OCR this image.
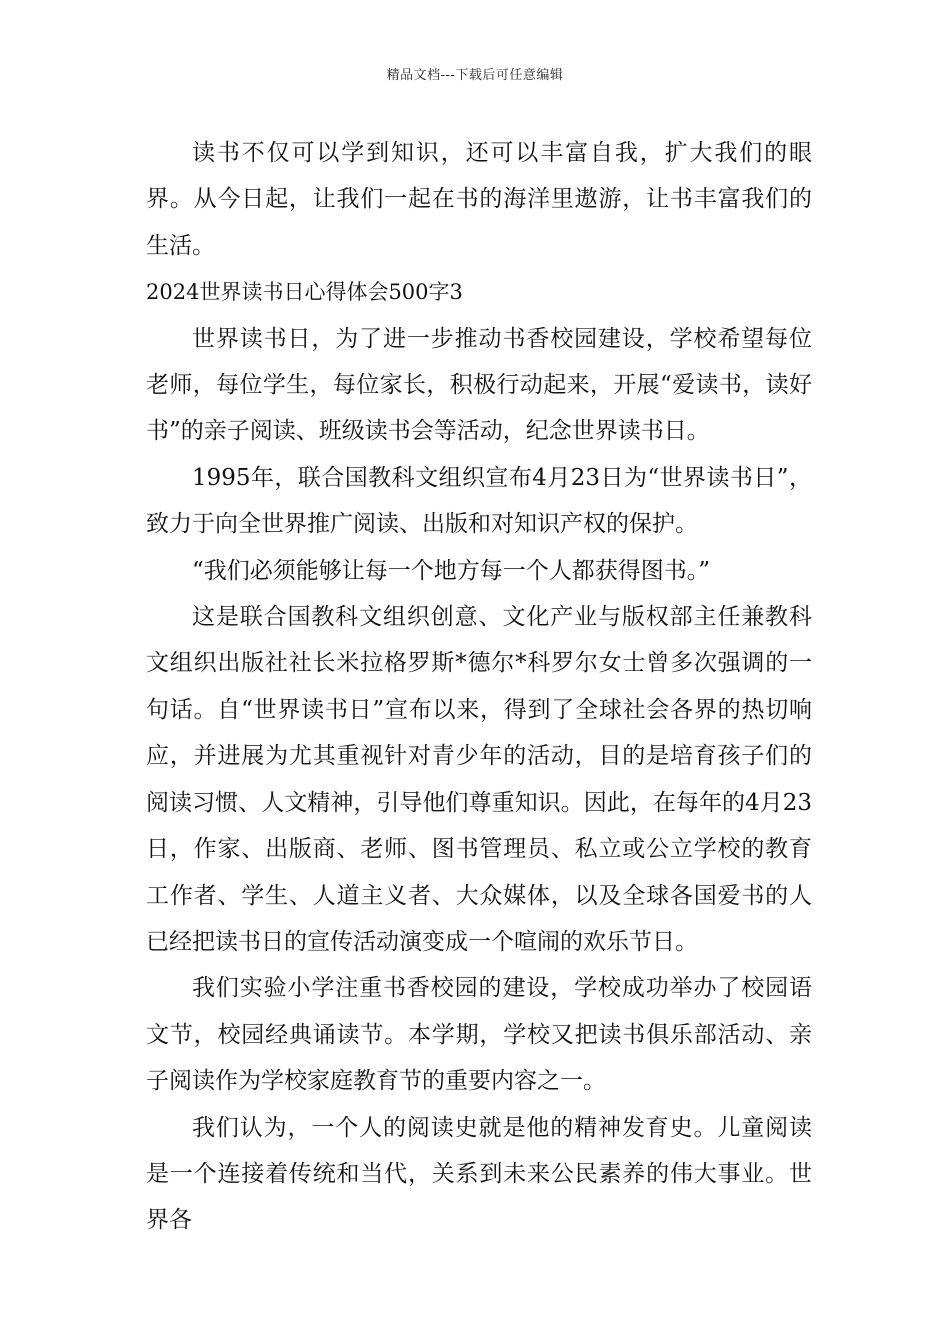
精品文档---下载后可任意编辑

读书不仅可以学到知识，还可以丰富自我，扩大我们的眼界。从今日起，让我们一起在书的海洋里遨游，让书丰富我们的生活。

2024世界读书日心得体会500字3

世界读书日，为了进一步推动书香校园建设，学校希望每位老师，每位学生，每位家长，积极行动起来，开展“爱读书，读好书”的亲子阅读、班级读书会等活动，纪念世界读书日。

1995年，联合国教科文组织宣布4月23日为“世界读书日”，致力于向全世界推广阅读、出版和对知识产权的保护。

“我们必须能够让每一个地方每一个人都获得图书。”

这是联合国教科文组织创意、文化产业与版权部主任兼教科文组织出版社社长米拉格罗斯*德尔*科罗尔女士曾多次强调的一句话。自“世界读书日”宣布以来，得到了全球社会各界的热切响应，并进展为尤其重视针对青少年的活动，目的是培育孩子们的阅读习惯、人文精神，引导他们尊重知识。因此，在每年的4月23日，作家、出版商、老师、图书管理员、私立或公立学校的教育工作者、学生、人道主义者、大众媒体，以及全球各国爱书的人已经把读书日的宣传活动演变成一个喧闹的欢乐节日。

我们实验小学注重书香校园的建设，学校成功举办了校园语文节，校园经典诵读节。本学期，学校又把读书俱乐部活动、亲子阅读作为学校家庭教育节的重要内容之一。

我们认为，一个人的阅读史就是他的精神发育史。儿童阅读是一个连接着传统和当代，关系到未来公民素养的伟大事业。世界各
